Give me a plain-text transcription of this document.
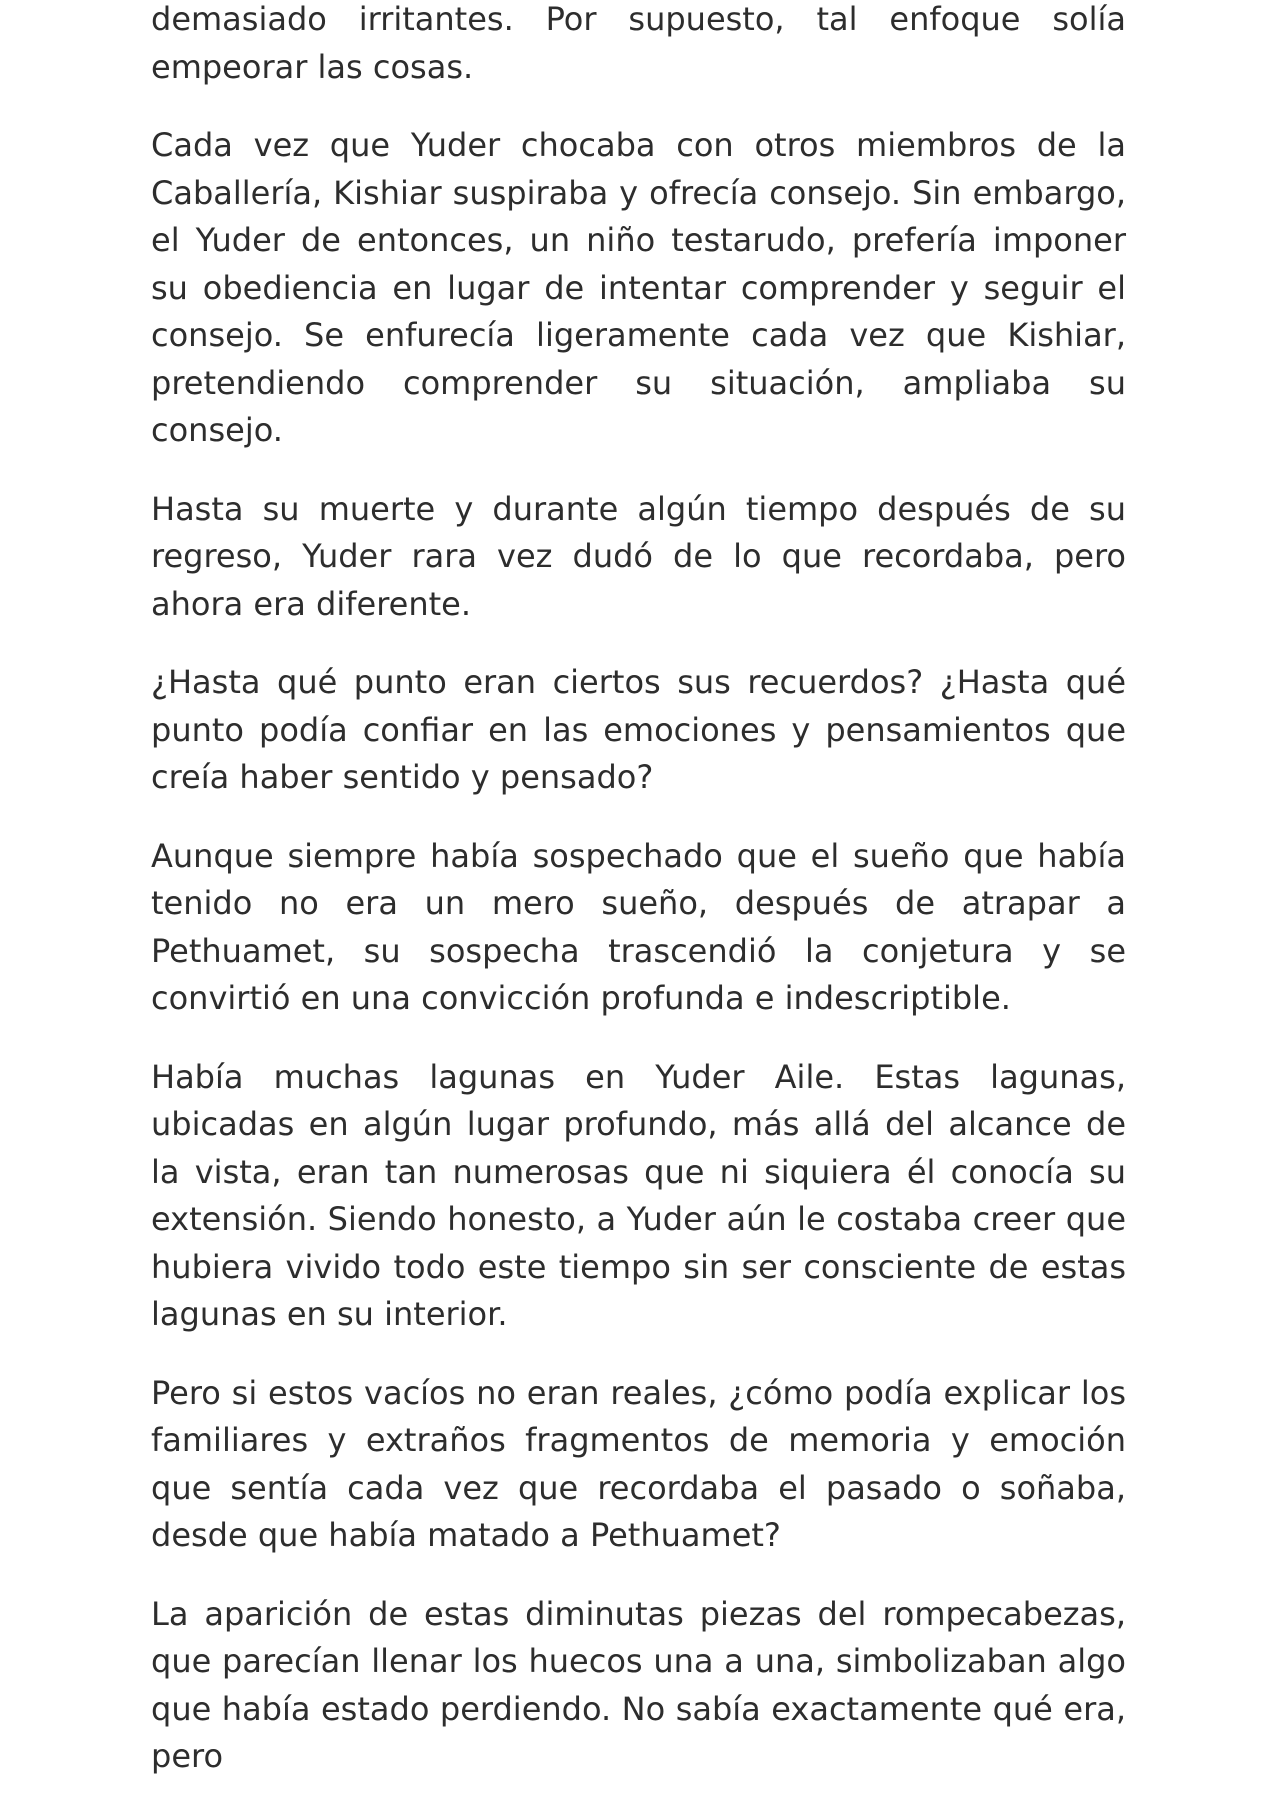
demasiado irritantes. Por supuesto, tal enfoque solía empeorar las cosas.

Cada vez que Yuder chocaba con otros miembros de la Caballería, Kishiar suspiraba y ofrecía consejo. Sin embargo, el Yuder de entonces, un niño testarudo, prefería imponer su obediencia en lugar de intentar comprender y seguir el consejo. Se enfurecía ligeramente cada vez que Kishiar, pretendiendo comprender su situación, ampliaba su consejo.

Hasta su muerte y durante algún tiempo después de su regreso, Yuder rara vez dudó de lo que recordaba, pero ahora era diferente.

¿Hasta qué punto eran ciertos sus recuerdos? ¿Hasta qué punto podía confiar en las emociones y pensamientos que creía haber sentido y pensado?

Aunque siempre había sospechado que el sueño que había tenido no era un mero sueño, después de atrapar a Pethuamet, su sospecha trascendió la conjetura y se convirtió en una convicción profunda e indescriptible.

Había muchas lagunas en Yuder Aile. Estas lagunas, ubicadas en algún lugar profundo, más allá del alcance de la vista, eran tan numerosas que ni siquiera él conocía su extensión. Siendo honesto, a Yuder aún le costaba creer que hubiera vivido todo este tiempo sin ser consciente de estas lagunas en su interior.

Pero si estos vacíos no eran reales, ¿cómo podía explicar los familiares y extraños fragmentos de memoria y emoción que sentía cada vez que recordaba el pasado o soñaba, desde que había matado a Pethuamet?

La aparición de estas diminutas piezas del rompecabezas, que parecían llenar los huecos una a una, simbolizaban algo que había estado perdiendo. No sabía exactamente qué era, pero
